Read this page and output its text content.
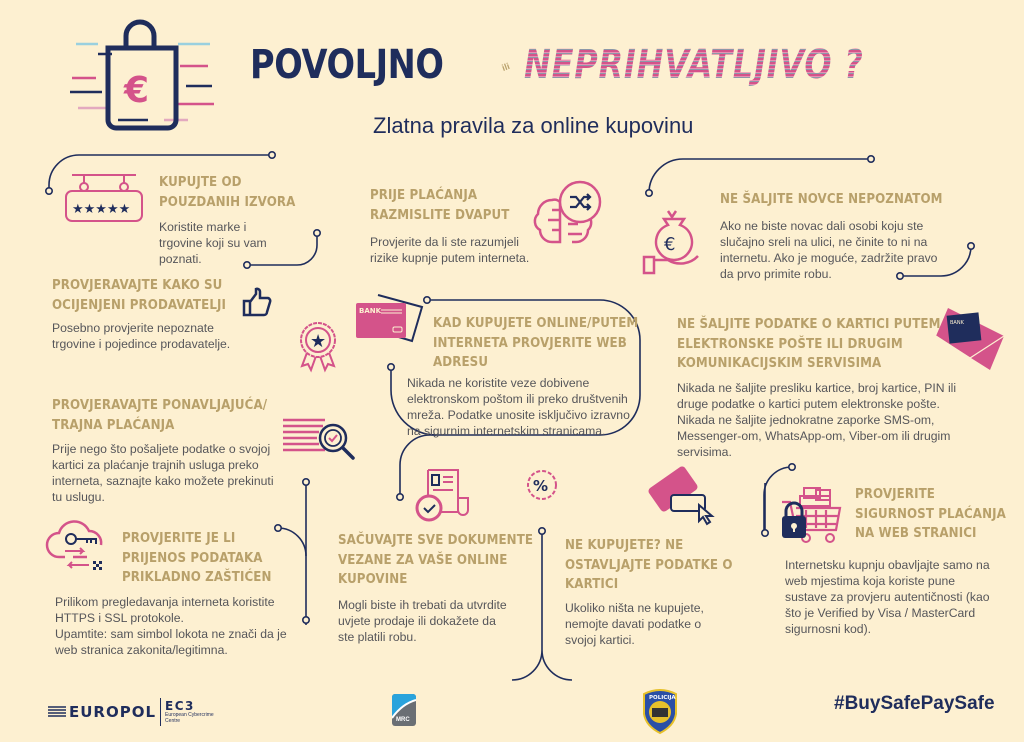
€
POVOLJNO	ili NEPRIHVATLJIVO ?
Zlatna pravila za online kupovinu
★★★★★
KUPUJTE OD
POUZDANIH IZVORA
Koristite marke i trgovine koji su vam poznati.
PRIJE PLAĆANJA
RAZMISLITE DVAPUT
Provjerite da li ste razumjeli rizike kupnje putem interneta.
€
NE ŠALJITE NOVCE NEPOZNATOM
Ako ne biste novac dali osobi koju ste slučajno sreli na ulici, ne činite to ni na internetu. Ako je moguće, zadržite pravo da prvo primite robu.
PROVJERAVAJTE KAKO SU
OCIJENJENI PRODAVATELJI
Posebno provjerite nepoznate trgovine i pojedince prodavatelje.	★
BANK
KAD KUPUJETE ONLINE/PUTEM
INTERNETA PROVJERITE WEB
ADRESU
Nikada ne koristite veze dobivene elektronskom poštom ili preko društvenih mreža. Podatke unosite isključivo izravno na sigurnim internetskim stranicama.
NE ŠALJITE PODATKE O KARTICI PUTEM
ELEKTRONSKE POŠTE ILI DRUGIM
KOMUNIKACIJSKIM SERVISIMA
BANK
Nikada ne šaljite presliku kartice, broj kartice, PIN ili druge podatke o kartici putem elektronske pošte. Nikada ne šaljite jednokratne zaporke SMS-om, Messenger-om, WhatsApp-om, Viber-om ili drugim servisima.
PROVJERAVAJTE PONAVLJAJUĆA/
TRAJNA PLAĆANJA
Prije nego što pošaljete podatke o svojoj kartici za plaćanje trajnih usluga preko interneta, saznajte kako možete prekinuti tu uslugu.
PROVJERITE JE LI
PRIJENOS PODATAKA
PRIKLADNO ZAŠTIĆEN
Prilikom pregledavanja interneta koristite HTTPS i SSL protokole.
Upamtite: sam simbol lokota ne znači da je web stranica zakonita/legitimna.
%
SAČUVAJTE SVE DOKUMENTE
VEZANE ZA VAŠE ONLINE
KUPOVINE
Mogli biste ih trebati da utvrdite uvjete prodaje ili dokažete da ste platili robu.
NE KUPUJETE? NE
OSTAVLJAJTE PODATKE O
KARTICI
Ukoliko ništa ne kupujete, nemojte davati podatke o svojoj kartici.
PROVJERITE
SIGURNOST PLAĆANJA
NA WEB STRANICI
Internetsku kupnju obavljajte samo na web mjestima koja koriste pune sustave za provjeru autentičnosti (kao što je Verified by Visa / MasterCard sigurnosni kod).
EUROPOL EC3
European Cybercrime
Centre	MRC
POLICIJA	#BuySafePaySafe
